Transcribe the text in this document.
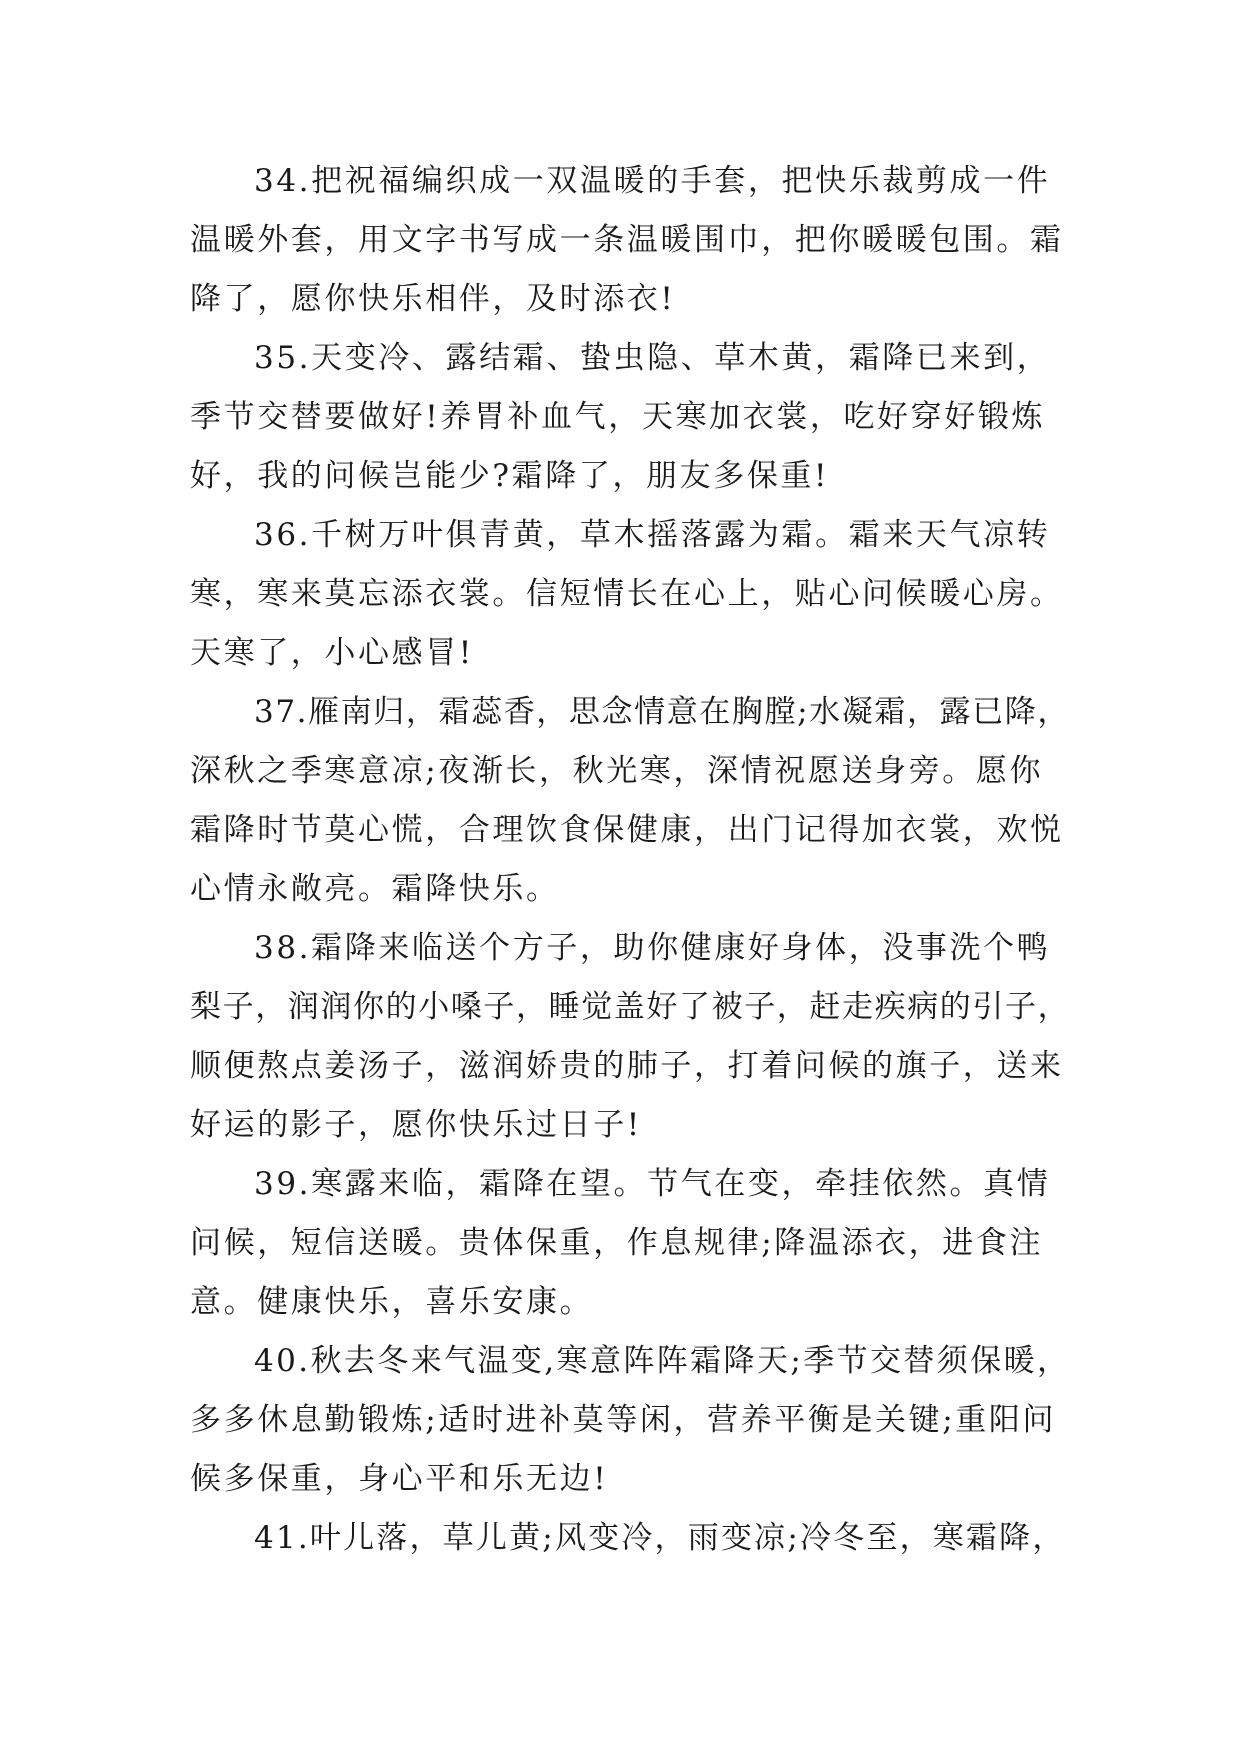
34.把祝福编织成一双温暖的手套，把快乐裁剪成一件
温暖外套，用文字书写成一条温暖围巾，把你暖暖包围。霜
降了，愿你快乐相伴，及时添衣!
35.天变冷、露结霜、蛰虫隐、草木黄，霜降已来到，
季节交替要做好!养胃补血气，天寒加衣裳，吃好穿好锻炼
好，我的问候岂能少?霜降了，朋友多保重!
36.千树万叶俱青黄，草木摇落露为霜。霜来天气凉转
寒，寒来莫忘添衣裳。信短情长在心上，贴心问候暖心房。
天寒了，小心感冒!
37.雁南归，霜蕊香，思念情意在胸膛;水凝霜，露已降，
深秋之季寒意凉;夜渐长，秋光寒，深情祝愿送身旁。愿你
霜降时节莫心慌，合理饮食保健康，出门记得加衣裳，欢悦
心情永敞亮。霜降快乐。
38.霜降来临送个方子，助你健康好身体，没事洗个鸭
梨子，润润你的小嗓子，睡觉盖好了被子，赶走疾病的引子，
顺便熬点姜汤子，滋润娇贵的肺子，打着问候的旗子，送来
好运的影子，愿你快乐过日子!
39.寒露来临，霜降在望。节气在变，牵挂依然。真情
问候，短信送暖。贵体保重，作息规律;降温添衣，进食注
意。健康快乐，喜乐安康。
40.秋去冬来气温变,寒意阵阵霜降天;季节交替须保暖，
多多休息勤锻炼;适时进补莫等闲，营养平衡是关键;重阳问
候多保重，身心平和乐无边!
41.叶儿落，草儿黄;风变冷，雨变凉;冷冬至，寒霜降，
